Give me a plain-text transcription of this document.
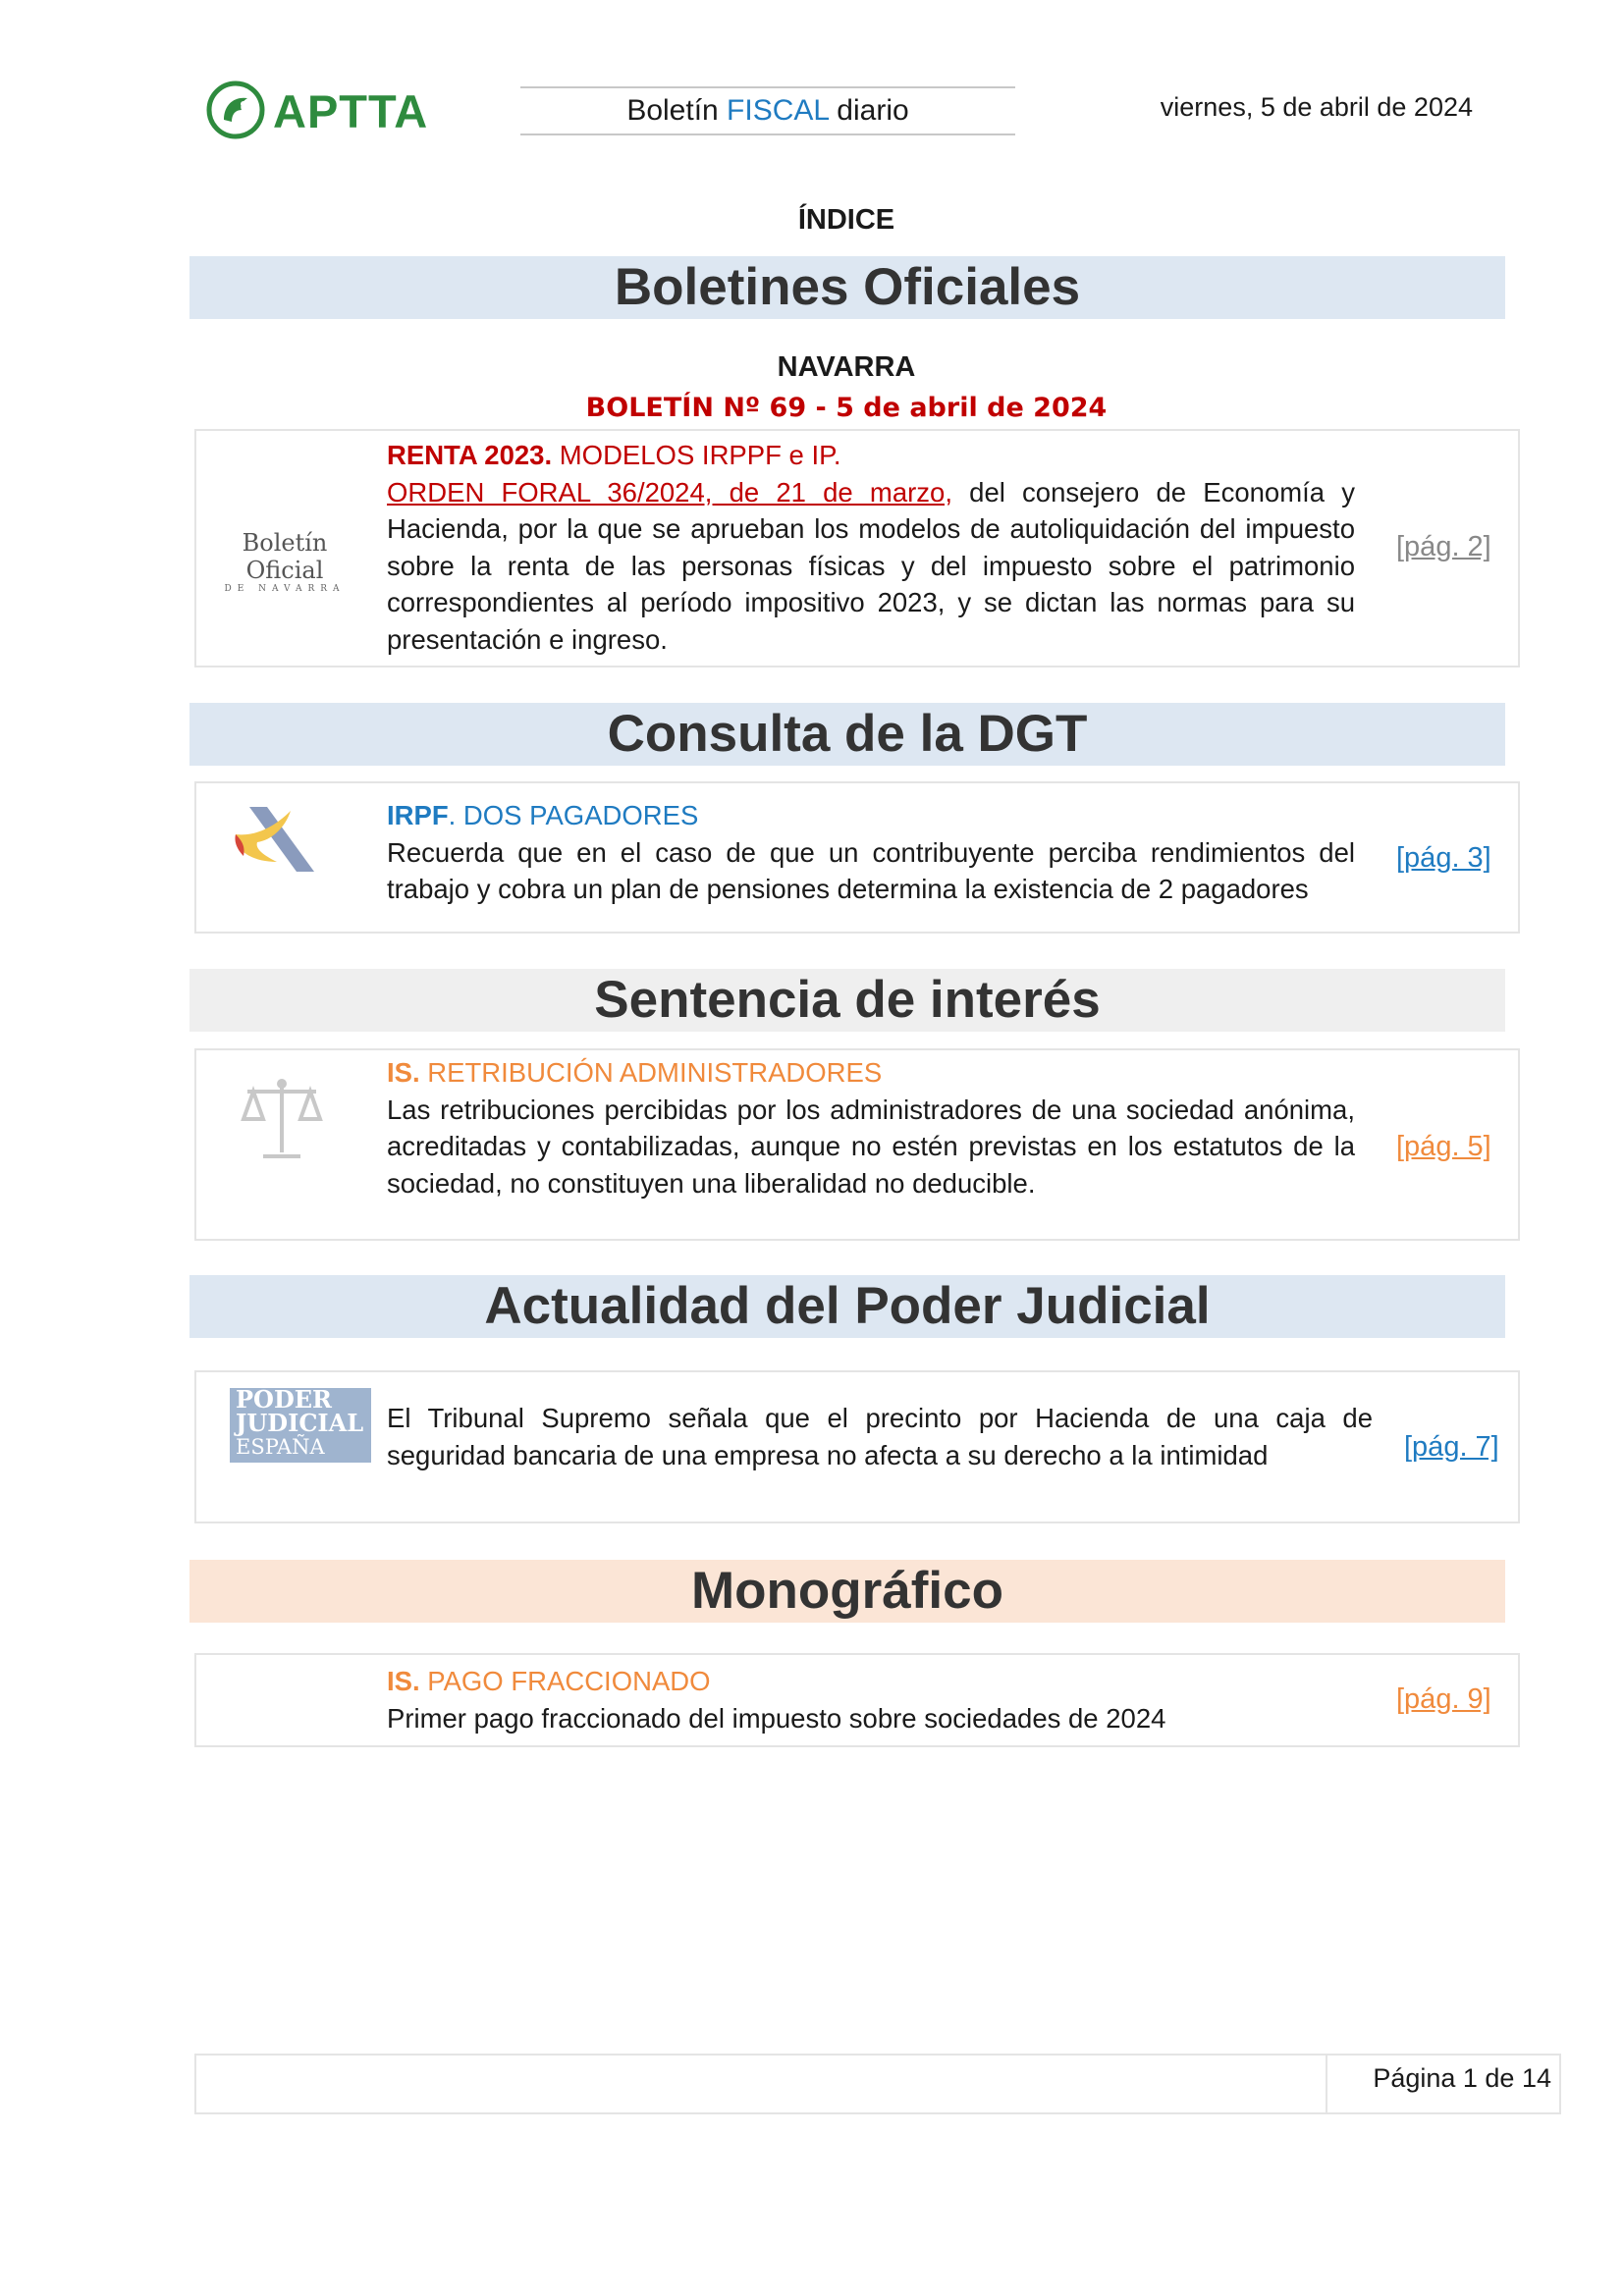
APTTA	Boletín FISCAL diario	viernes, 5 de abril de 2024
ÍNDICE
Boletines Oficiales
NAVARRA
BOLETÍN Nº 69 - 5 de abril de 2024
Boletín Oficial
DE NAVARRA
RENTA 2023. MODELOS IRPPF e IP.
ORDEN FORAL 36/2024, de 21 de marzo, del consejero de Economía y Hacienda, por la que se aprueban los modelos de autoliquidación del impuesto sobre la renta de las personas físicas y del impuesto sobre el patrimonio correspondientes al período impositivo 2023, y se dictan las normas para su presentación e ingreso.
[pág. 2]
Consulta de la DGT
IRPF. DOS PAGADORES
Recuerda que en el caso de que un contribuyente perciba rendimientos del trabajo y cobra un plan de pensiones determina la existencia de 2 pagadores
[pág. 3]
Sentencia de interés
IS. RETRIBUCIÓN ADMINISTRADORES
Las retribuciones percibidas por los administradores de una sociedad anónima, acreditadas y contabilizadas, aunque no estén previstas en los estatutos de la sociedad, no constituyen una liberalidad no deducible.
[pág. 5]
Actualidad del Poder Judicial
PODER
JUDICIAL
ESPAÑA
El Tribunal Supremo señala que el precinto por Hacienda de una caja de seguridad bancaria de una empresa no afecta a su derecho a la intimidad	[pág. 7]
Monográfico
IS. PAGO FRACCIONADO
Primer pago fraccionado del impuesto sobre sociedades de 2024
[pág. 9]
Página 1 de 14
